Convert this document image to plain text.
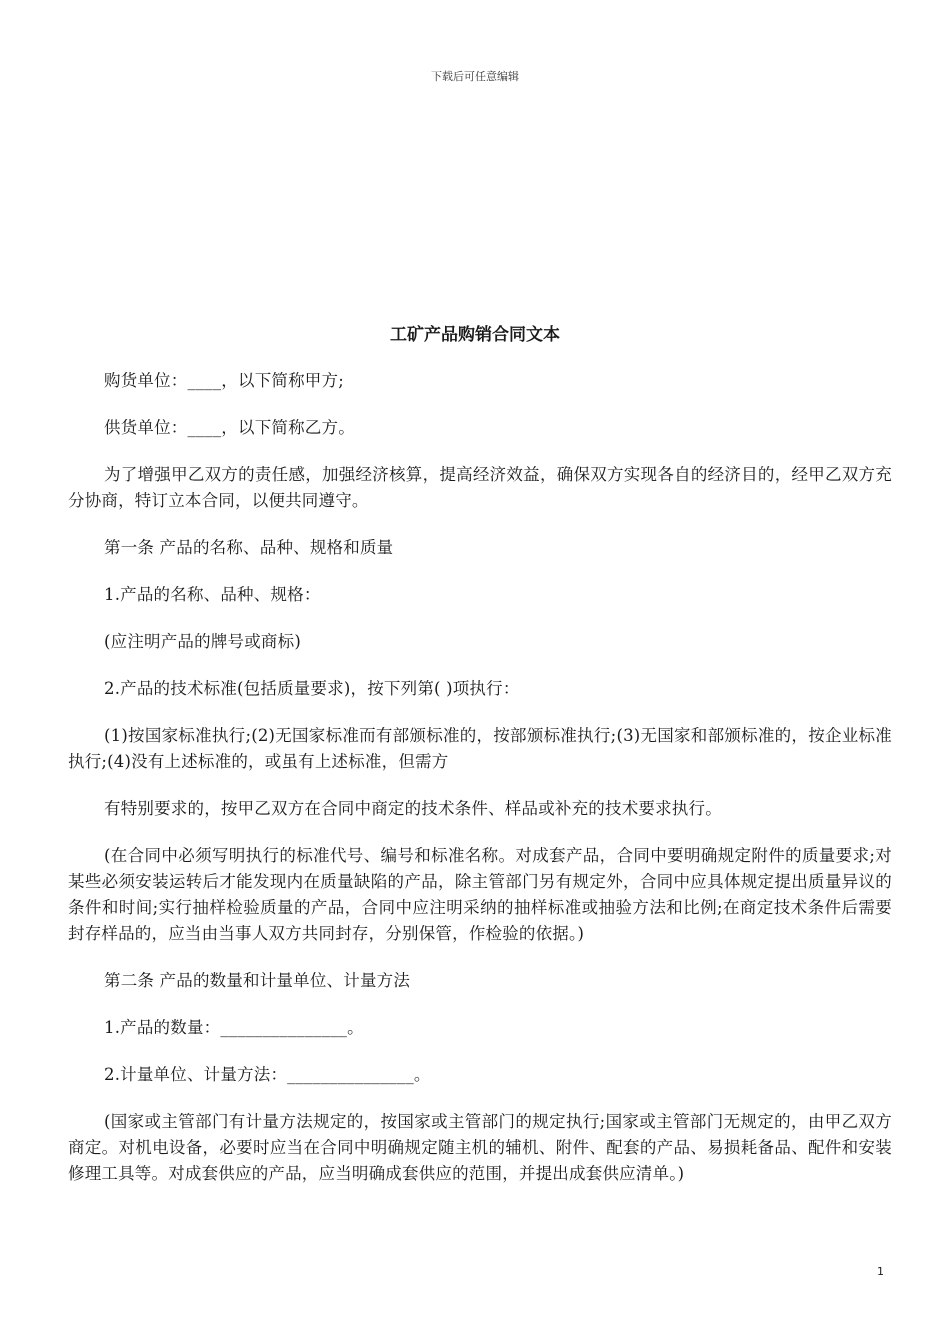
下载后可任意编辑
工矿产品购销合同文本

购货单位：____，以下简称甲方;

供货单位：____，以下简称乙方。

为了增强甲乙双方的责任感，加强经济核算，提高经济效益，确保双方实现各自的经济目的，经甲乙双方充分协商，特订立本合同，以便共同遵守。

第一条 产品的名称、品种、规格和质量

1.产品的名称、品种、规格：

(应注明产品的牌号或商标)

2.产品的技术标准(包括质量要求)，按下列第( )项执行：

(1)按国家标准执行;(2)无国家标准而有部颁标准的，按部颁标准执行;(3)无国家和部颁标准的，按企业标准执行;(4)没有上述标准的，或虽有上述标准，但需方

有特别要求的，按甲乙双方在合同中商定的技术条件、样品或补充的技术要求执行。

(在合同中必须写明执行的标准代号、编号和标准名称。对成套产品，合同中要明确规定附件的质量要求;对某些必须安装运转后才能发现内在质量缺陷的产品，除主管部门另有规定外，合同中应具体规定提出质量异议的条件和时间;实行抽样检验质量的产品，合同中应注明采纳的抽样标准或抽验方法和比例;在商定技术条件后需要封存样品的，应当由当事人双方共同封存，分别保管，作检验的依据。)

第二条 产品的数量和计量单位、计量方法

1.产品的数量：_______________。

2.计量单位、计量方法：_______________。

(国家或主管部门有计量方法规定的，按国家或主管部门的规定执行;国家或主管部门无规定的，由甲乙双方商定。对机电设备，必要时应当在合同中明确规定随主机的辅机、附件、配套的产品、易损耗备品、配件和安装修理工具等。对成套供应的产品，应当明确成套供应的范围，并提出成套供应清单。)

1
